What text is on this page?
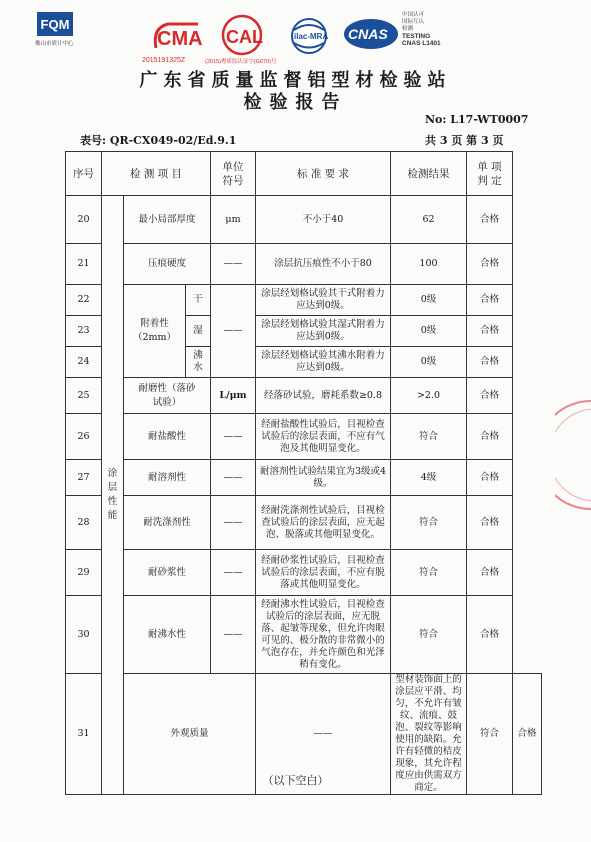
FQM
佛山市质计中心	CMA
2015191325Z
CAL
(2015)粤质监认证字(G070)号
ilac-MRA CNAS
中国认可
国际互认
检测
TESTING
CNAS L1401
广东省质量监督铝型材检验站
检验报告
No: L17-WT0007
表号: QR-CX049-02/Ed.9.1	共 3 页 第 3 页
序号	检 测 项 目			单位 符号	标 准 要 求	检测结果	单 项 判 定	
20	涂层性能	最小局部厚度		μm	不小于40	62	合格	
21		压痕硬度		——	涂层抗压痕性不小于80	100	合格	
22		附着性（2mm）	干	——	涂层经划格试验其干式附着力应达到0级。	0级	合格	
23			湿		涂层经划格试验其湿式附着力应达到0级。	0级	合格	
24			沸水		涂层经划格试验其沸水附着力应达到0级。	0级	合格	
25		耐磨性（落砂试验）		L/μm	经落砂试验，磨耗系数≥0.8	>2.0	合格	
26		耐盐酸性		——	经耐盐酸性试验后，目视检查试验后的涂层表面，不应有气泡及其他明显变化。	符合	合格	
27		耐溶剂性		——	耐溶剂性试验结果宜为3级或4级。	4级	合格	
28		耐洗涤剂性		——	经耐洗涤剂性试验后，目视检查试验后的涂层表面，应无起泡、脱落或其他明显变化。	符合	合格	
29		耐砂浆性		——	经耐砂浆性试验后，目视检查试验后的涂层表面，不应有脱落或其他明显变化。	符合	合格	
30		耐沸水性		——	经耐沸水性试验后，目视检查试验后的涂层表面，应无脱落、起皱等现象，但允许肉眼可见的、极分散的非常微小的气泡存在，并允许颜色和光泽稍有变化。	符合	合格	
31		外观质量			——	型材装饰面上的涂层应平滑、均匀，不允许有皱纹、流痕、鼓泡、裂纹等影响使用的缺陷。允许有轻微的桔皮现象，其允许程度应由供需双方商定。	符合	合格
（以下空白）
